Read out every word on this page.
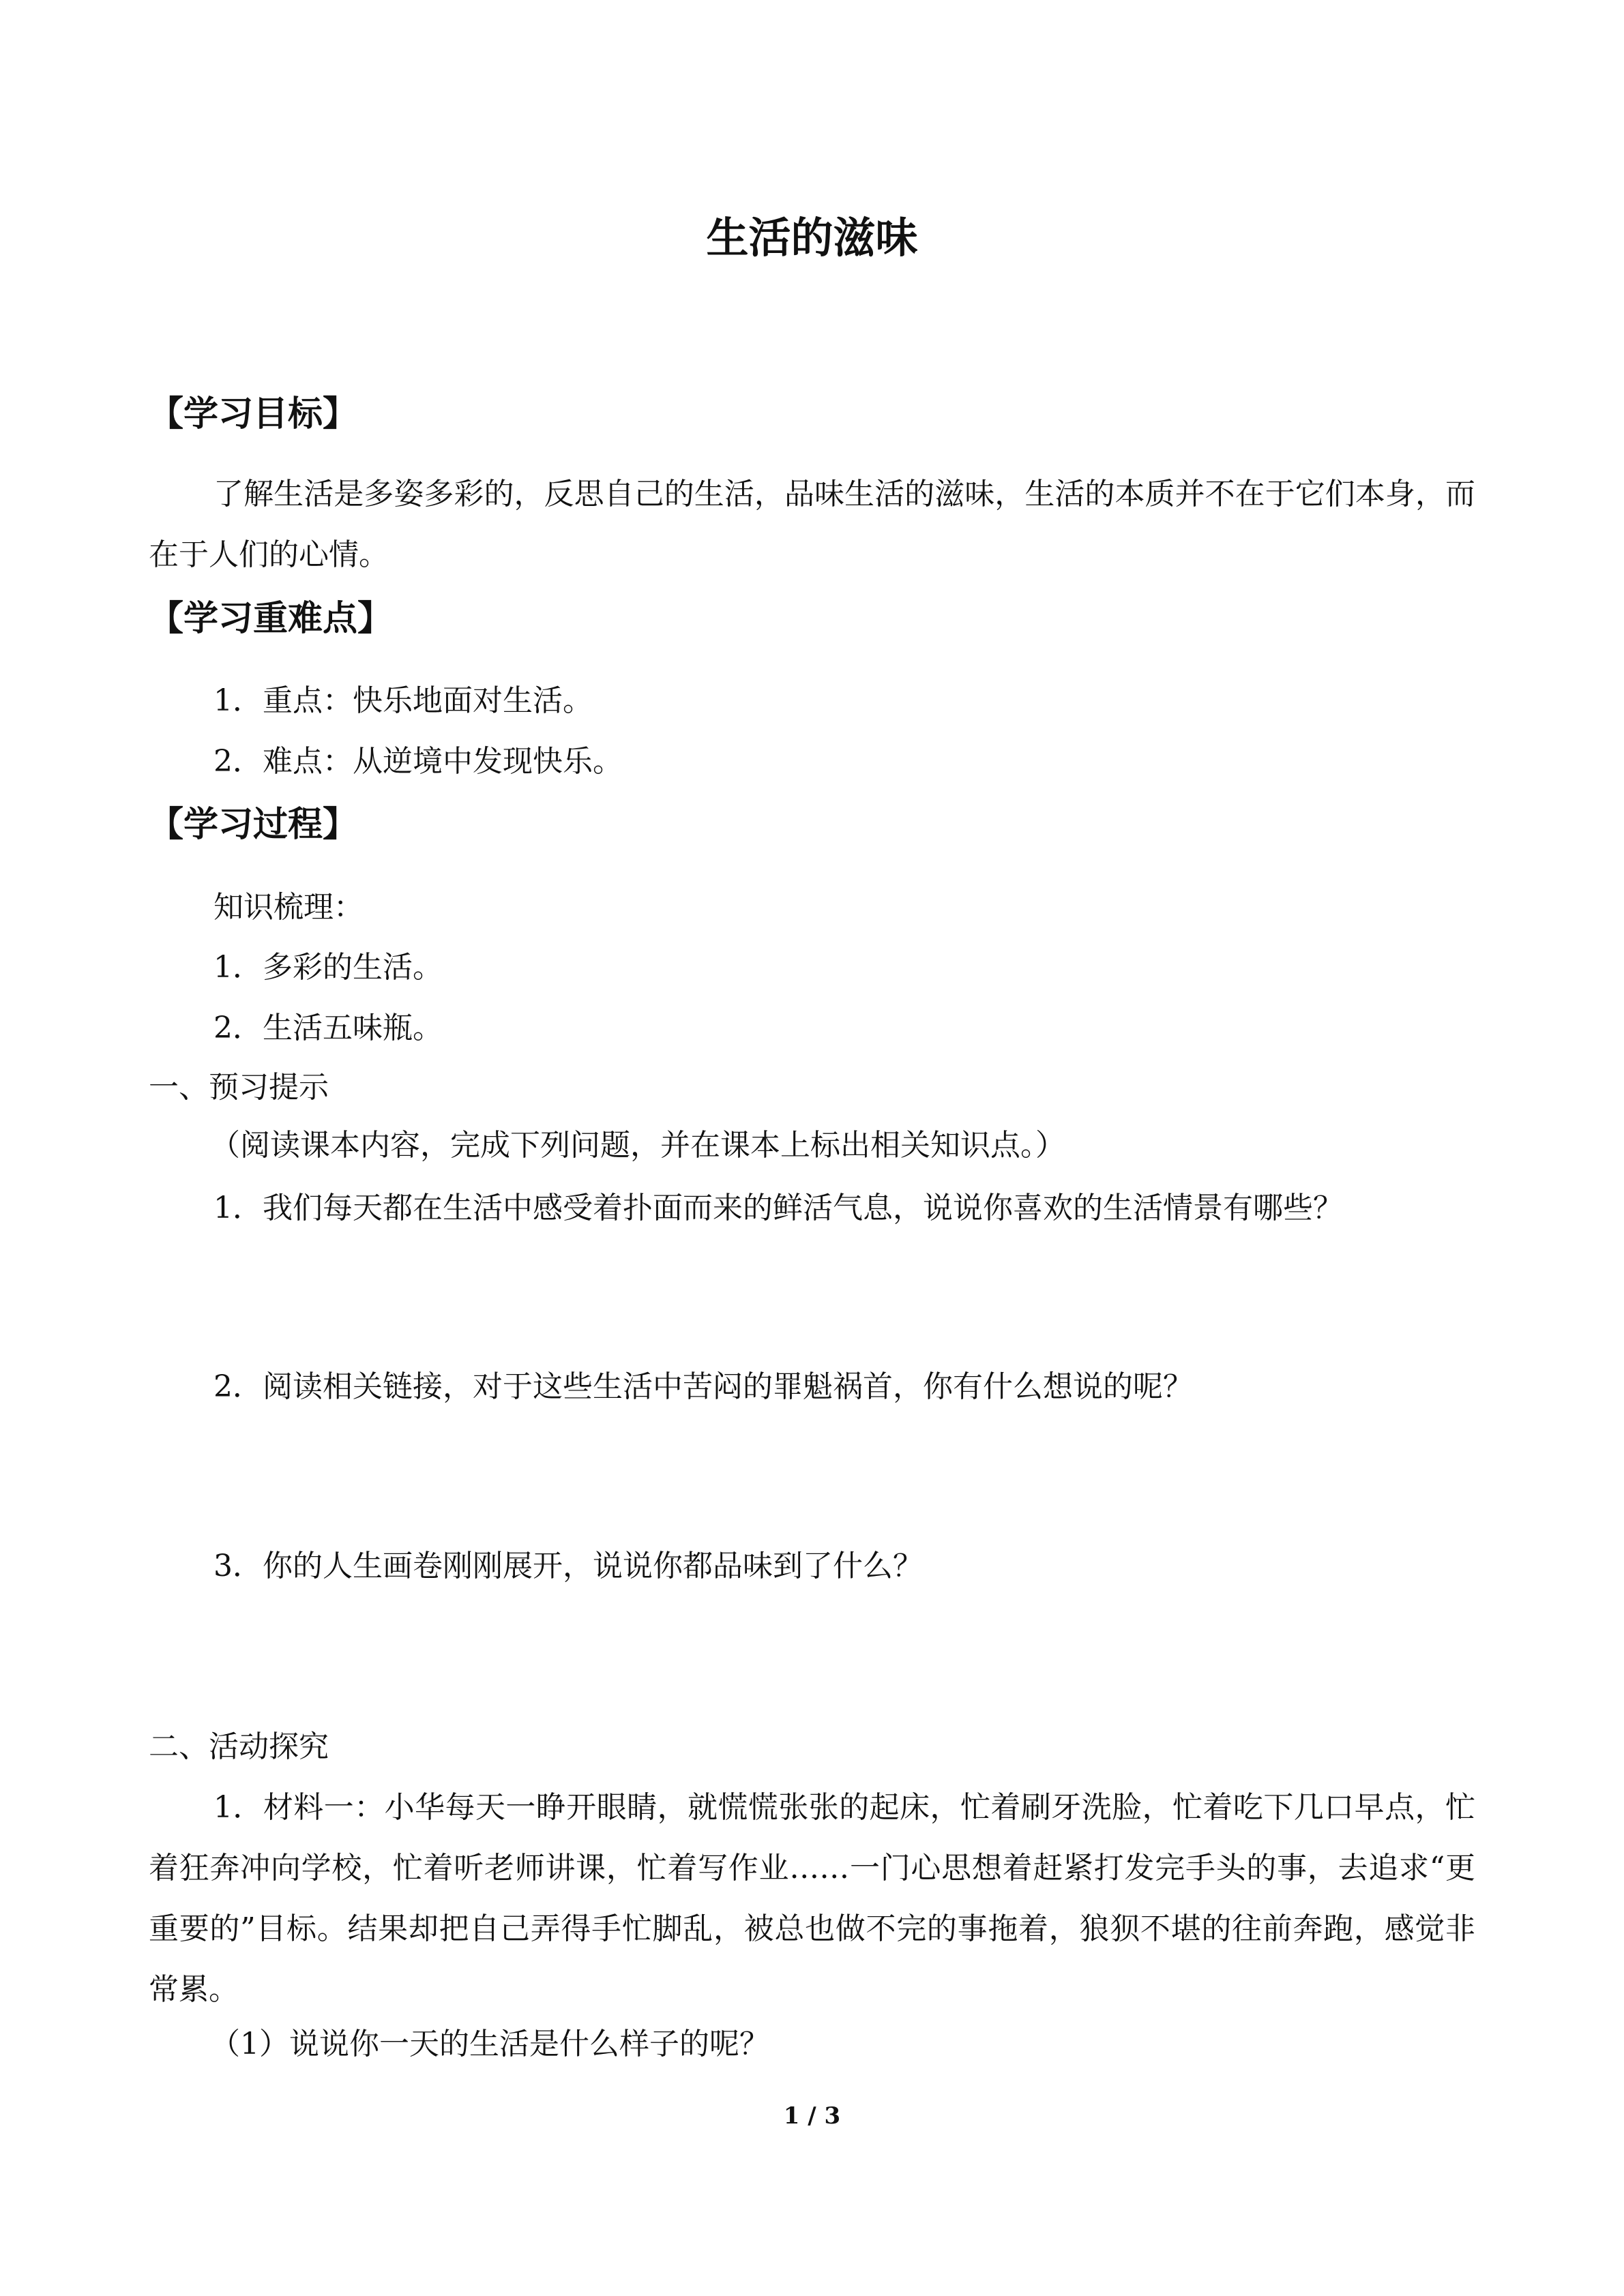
生活的滋味
【学习目标】
了解生活是多姿多彩的，反思自己的生活，品味生活的滋味，生活的本质并不在于它们本身，而在于人们的心情。
【学习重难点】
1．重点：快乐地面对生活。
2．难点：从逆境中发现快乐。
【学习过程】
知识梳理：
1．多彩的生活。
2．生活五味瓶。
一、预习提示
（阅读课本内容，完成下列问题，并在课本上标出相关知识点。）
1．我们每天都在生活中感受着扑面而来的鲜活气息，说说你喜欢的生活情景有哪些？
2．阅读相关链接，对于这些生活中苦闷的罪魁祸首，你有什么想说的呢？
3．你的人生画卷刚刚展开，说说你都品味到了什么？
二、活动探究
1．材料一：小华每天一睁开眼睛，就慌慌张张的起床，忙着刷牙洗脸，忙着吃下几口早点，忙着狂奔冲向学校，忙着听老师讲课，忙着写作业……一门心思想着赶紧打发完手头的事，去追求“更重要的”目标。结果却把自己弄得手忙脚乱，被总也做不完的事拖着，狼狈不堪的往前奔跑，感觉非常累。
（1）说说你一天的生活是什么样子的呢？
1 / 3
